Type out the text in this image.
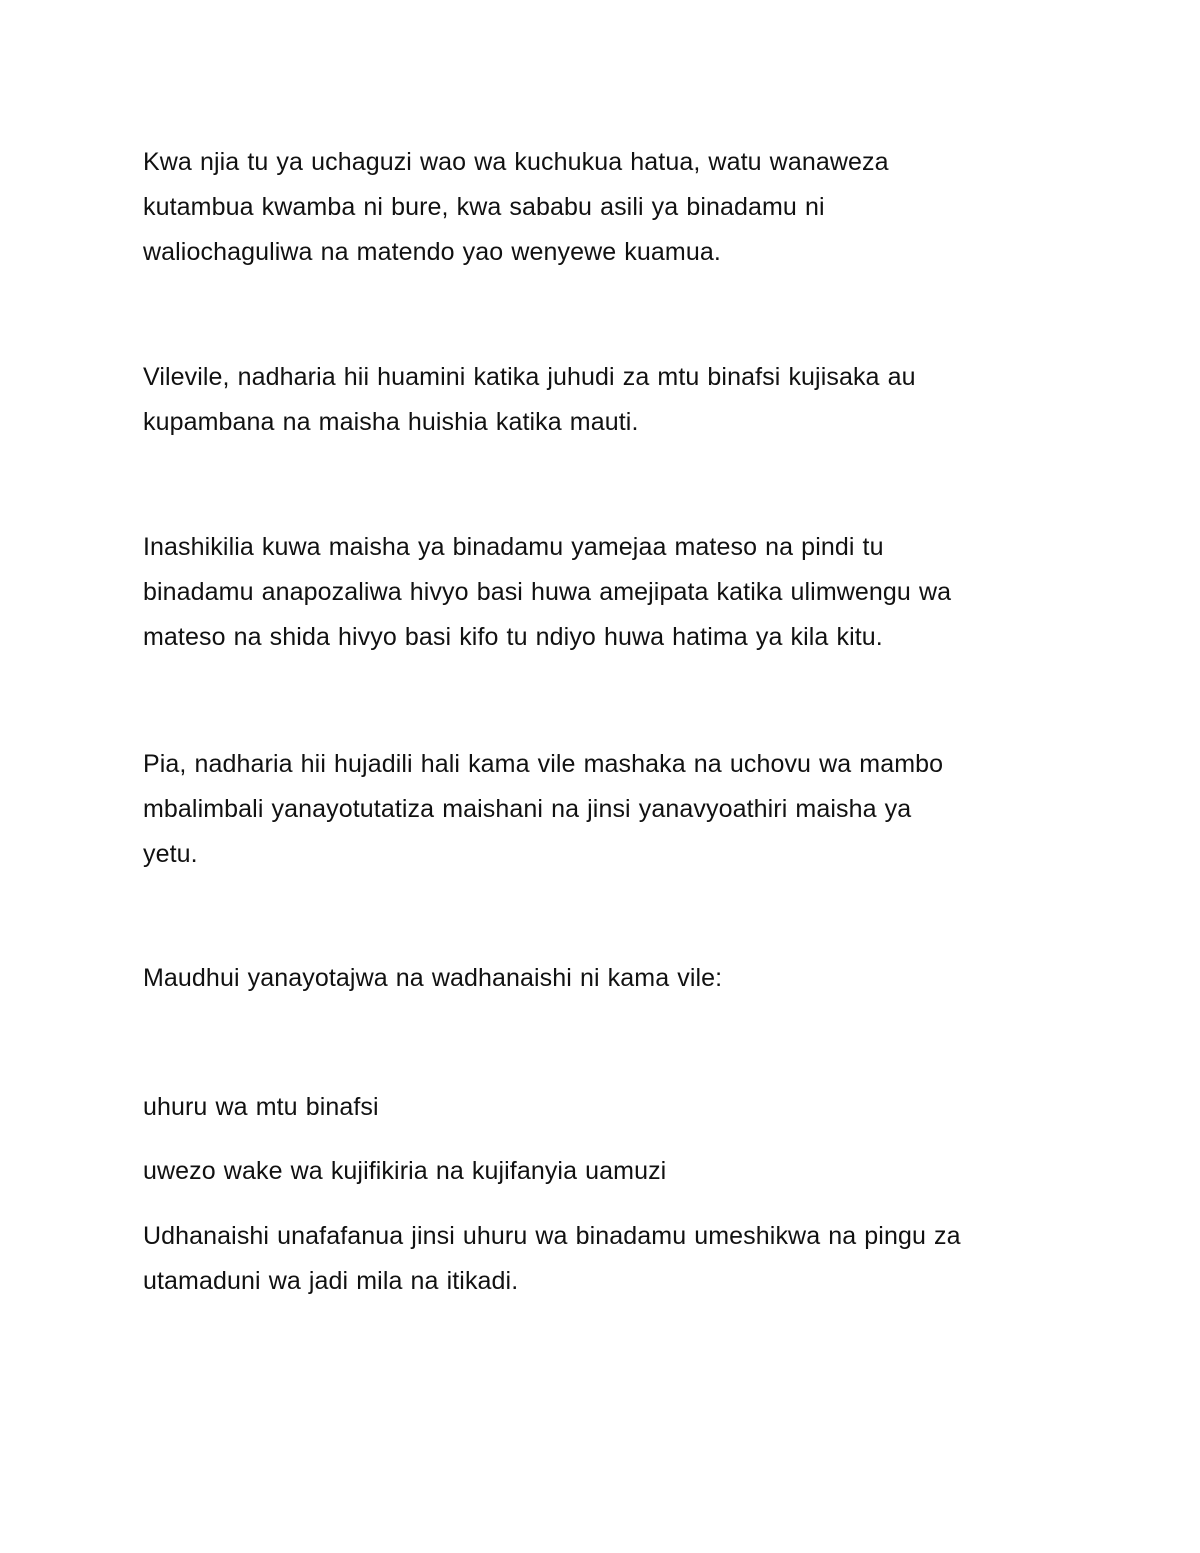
Kwa njia tu ya uchaguzi wao wa kuchukua hatua, watu wanaweza
kutambua kwamba ni bure, kwa sababu asili ya binadamu ni
waliochaguliwa na matendo yao wenyewe kuamua.

Vilevile, nadharia hii huamini katika juhudi za mtu binafsi kujisaka au
kupambana na maisha huishia katika mauti.

Inashikilia kuwa maisha ya binadamu yamejaa mateso na pindi tu
binadamu anapozaliwa hivyo basi huwa amejipata katika ulimwengu wa
mateso na shida hivyo basi kifo tu ndiyo huwa hatima ya kila kitu.

Pia, nadharia hii hujadili hali kama vile mashaka na uchovu wa mambo
mbalimbali yanayotutatiza maishani na jinsi yanavyoathiri maisha ya
yetu.

Maudhui yanayotajwa na wadhanaishi ni kama vile:

uhuru wa mtu binafsi

uwezo wake wa kujifikiria na kujifanyia uamuzi

Udhanaishi unafafanua jinsi uhuru wa binadamu umeshikwa na pingu za
utamaduni wa jadi mila na itikadi.
